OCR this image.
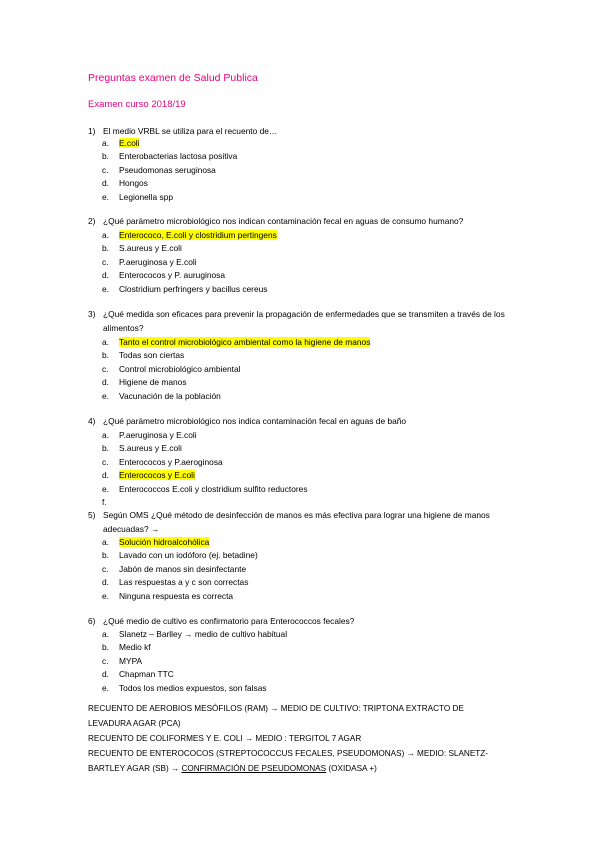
Preguntas examen de Salud Publica
Examen curso 2018/19
1) El medio VRBL se utiliza para el recuento de…
a. E.coli
b. Enterobacterias lactosa positiva
c. Pseudomonas seruginosa
d. Hongos
e. Legionella spp
2) ¿Qué parámetro microbiológico nos indican contaminación fecal en aguas de consumo humano?
a. Enterococo, E.coli y clostridium pertingens
b. S.aureus y E.coli
c. P.aeruginosa y E.coli
d. Enterococos y P. auruginosa
e. Clostridium perfringers y bacillus cereus
3) ¿Qué medida son eficaces para prevenir la propagación de enfermedades que se transmiten a través de los alimentos?
a. Tanto el control microbiológico ambiental como la higiene de manos
b. Todas son ciertas
c. Control microbiológico ambiental
d. Higiene de manos
e. Vacunación de la población
4) ¿Qué parámetro microbiológico nos indica contaminación fecal en aguas de baño
a. P.aeruginosa y E.coli
b. S.aureus y E.coli
c. Enterococos y P.aeroginosa
d. Enterococos y E.coli
e. Enterococcos E.coli y clostridium sulfito reductores
f.
5) Según OMS ¿Qué método de desinfección de manos es más efectiva para lograr una higiene de manos adecuadas? →
a. Solución hidroalcohólica
b. Lavado con un iodóforo (ej. betadine)
c. Jabón de manos sin desinfectante
d. Las respuestas a y c son correctas
e. Ninguna respuesta es correcta
6) ¿Qué medio de cultivo es confirmatorio para Enterococcos fecales?
a. Slanetz – Barlley → medio de cultivo habitual
b. Medio kf
c. MYPA
d. Chapman TTC
e. Todos los medios expuestos, son falsas
RECUENTO DE AEROBIOS MESÓFILOS (RAM) → MEDIO DE CULTIVO: TRIPTONA EXTRACTO DE
LEVADURA AGAR (PCA)
RECUENTO DE COLIFORMES Y E. COLI → MEDIO : TERGITOL 7 AGAR
RECUENTO DE ENTEROCOCOS (STREPTOCOCCUS FECALES, PSEUDOMONAS) → MEDIO: SLANETZ-
BARTLEY AGAR (SB) → CONFIRMACIÓN DE PSEUDOMONAS (OXIDASA +)
